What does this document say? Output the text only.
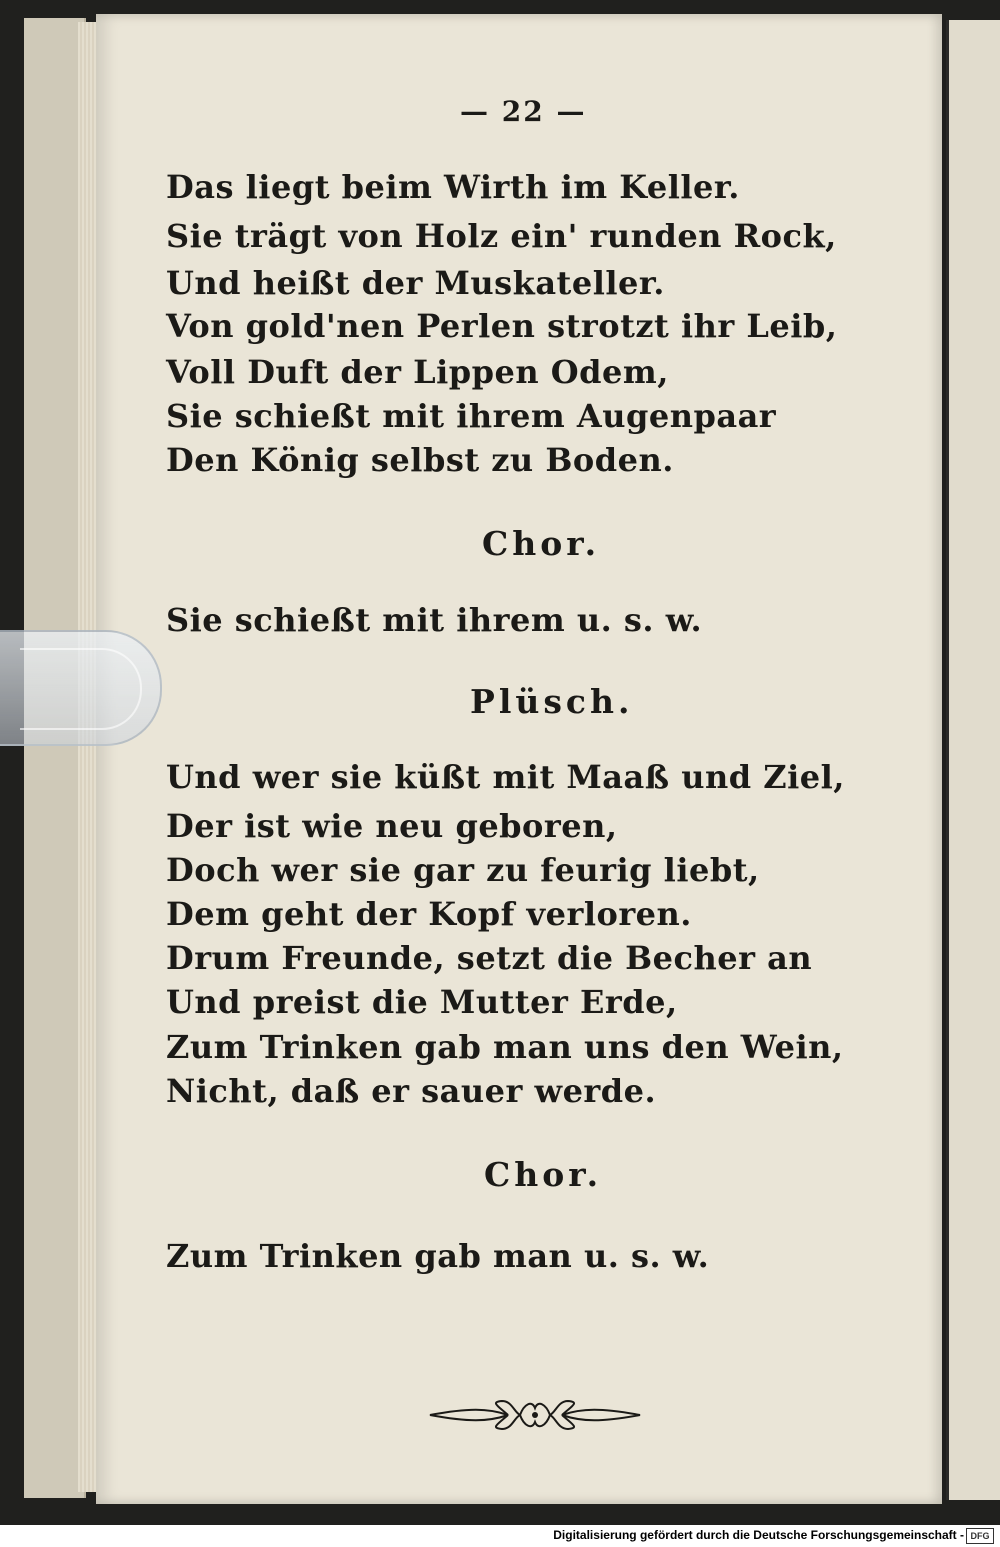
— 22 —
Das liegt beim Wirth im Keller.
Sie trägt von Holz ein' runden Rock,
Und heißt der Muskateller.
Von gold'nen Perlen strotzt ihr Leib,
Voll Duft der Lippen Odem,
Sie schießt mit ihrem Augenpaar
Den König selbst zu Boden.
Chor.
Sie schießt mit ihrem u. s. w.
Plüsch.
Und wer sie küßt mit Maaß und Ziel,
Der ist wie neu geboren,
Doch wer sie gar zu feurig liebt,
Dem geht der Kopf verloren.
Drum Freunde, setzt die Becher an
Und preist die Mutter Erde,
Zum Trinken gab man uns den Wein,
Nicht, daß er sauer werde.
Chor.
Zum Trinken gab man u. s. w.
Digitalisierung gefördert durch die Deutsche Forschungsgemeinschaft - DFG
